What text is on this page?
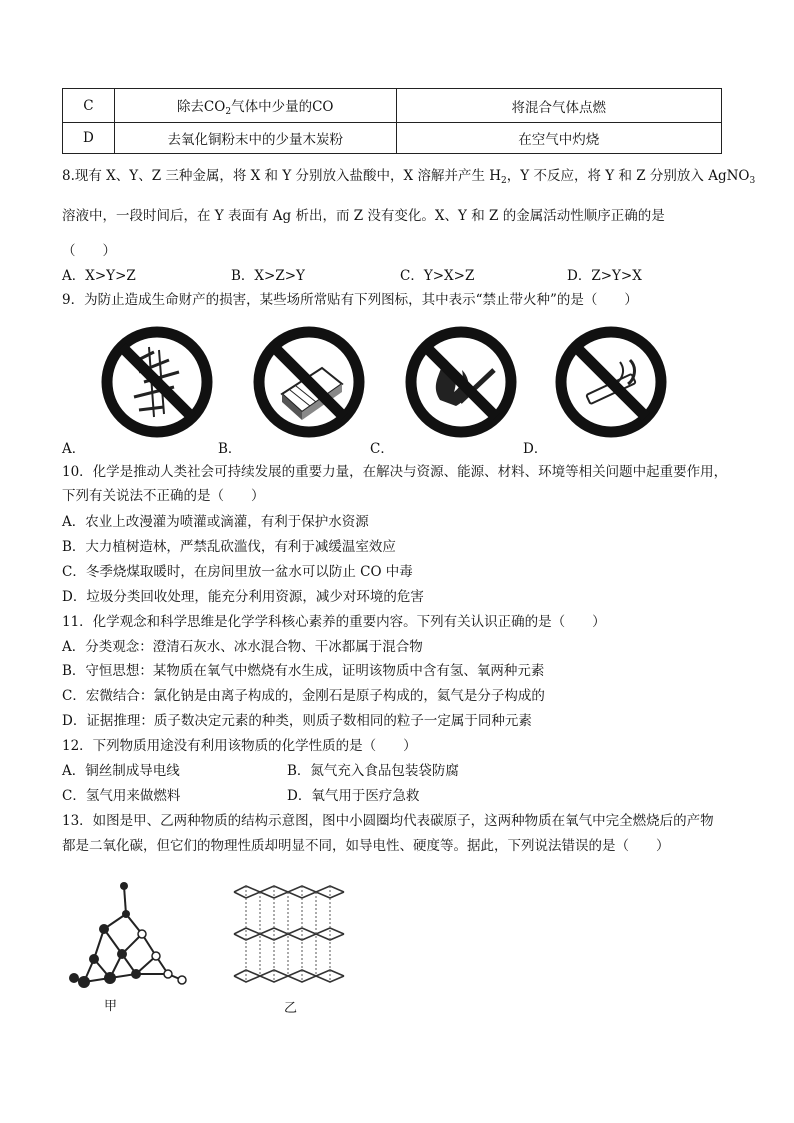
C	除去$CO_2$气体中少量的CO	将混合气体点燃
D	去氧化铜粉末中的少量木炭粉	在空气中灼烧
8.现有 X、Y、Z 三种金属，将 X 和 Y 分别放入盐酸中，X 溶解并产生 $H_2$，Y 不反应，将 Y 和 Z 分别放入 AgNO$_3$
溶液中，一段时间后，在 Y 表面有 Ag 析出，而 Z 没有变化。X、Y 和 Z 的金属活动性顺序正确的是
（　　）
A．X>Y>Z	B．X>Z>Y	C．Y>X>Z	D．Z>Y>X
9．为防止造成生命财产的损害，某些场所常贴有下列图标，其中表示“禁止带火种”的是（　　）
A．	B．	C．	D．
10．化学是推动人类社会可持续发展的重要力量，在解决与资源、能源、材料、环境等相关问题中起重要作用，
下列有关说法不正确的是（　　）
A．农业上改漫灌为喷灌或滴灌，有利于保护水资源
B．大力植树造林，严禁乱砍滥伐，有利于减缓温室效应
C．冬季烧煤取暖时，在房间里放一盆水可以防止 CO 中毒
D．垃圾分类回收处理，能充分利用资源，减少对环境的危害
11．化学观念和科学思维是化学学科核心素养的重要内容。下列有关认识正确的是（　　）
A．分类观念：澄清石灰水、冰水混合物、干冰都属于混合物
B．守恒思想：某物质在氧气中燃烧有水生成，证明该物质中含有氢、氧两种元素
C．宏微结合：氯化钠是由离子构成的，金刚石是原子构成的，氦气是分子构成的
D．证据推理：质子数决定元素的种类，则质子数相同的粒子一定属于同种元素
12．下列物质用途没有利用该物质的化学性质的是（　　）
A．铜丝制成导电线	B．氮气充入食品包装袋防腐
C．氢气用来做燃料	D．氧气用于医疗急救
13．如图是甲、乙两种物质的结构示意图，图中小圆圈均代表碳原子，这两种物质在氧气中完全燃烧后的产物
都是二氧化碳，但它们的物理性质却明显不同，如导电性、硬度等。据此，下列说法错误的是（　　）
甲	乙
